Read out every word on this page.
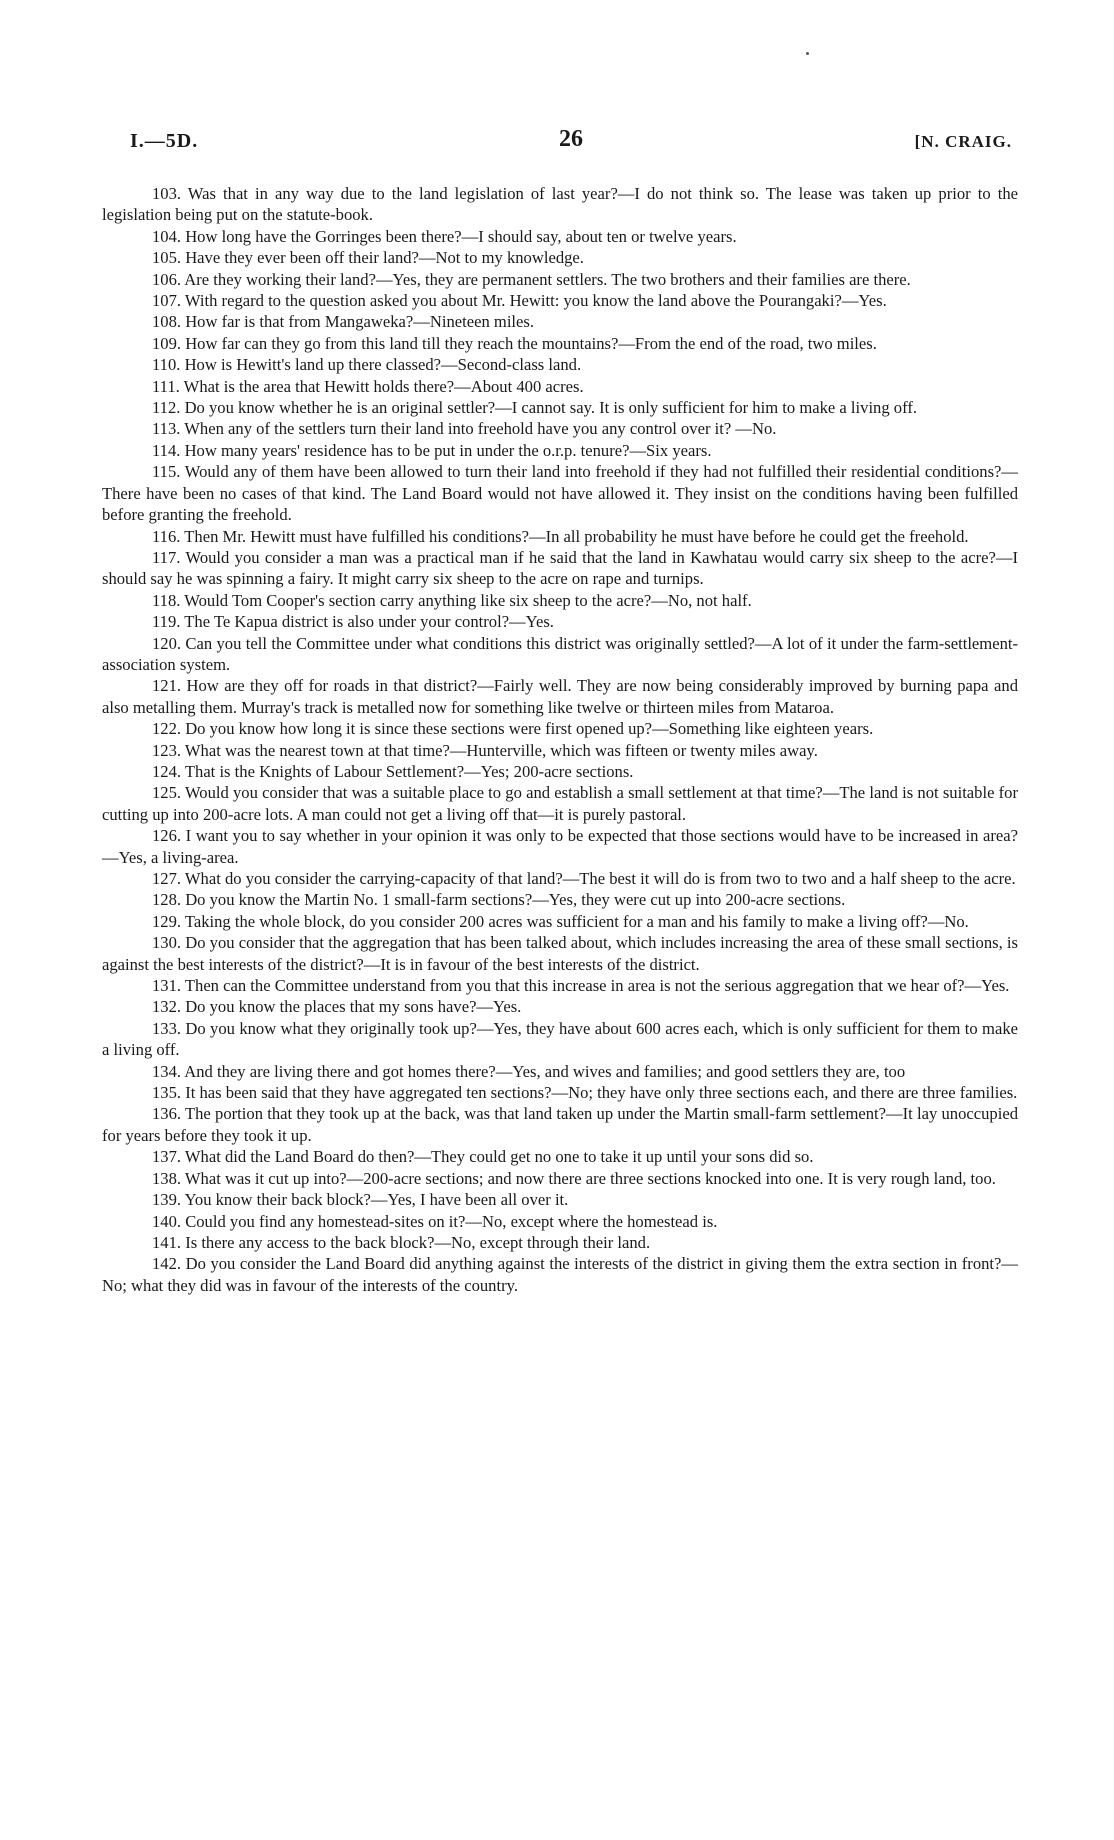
I.—5D.	26	[N. CRAIG.

103. Was that in any way due to the land legislation of last year?—I do not think so. The lease was taken up prior to the legislation being put on the statute-book.

104. How long have the Gorringes been there?—I should say, about ten or twelve years.

105. Have they ever been off their land?—Not to my knowledge.

106. Are they working their land?—Yes, they are permanent settlers. The two brothers and their families are there.

107. With regard to the question asked you about Mr. Hewitt: you know the land above the Pourangaki?—Yes.

108. How far is that from Mangaweka?—Nineteen miles.

109. How far can they go from this land till they reach the mountains?—From the end of the road, two miles.

110. How is Hewitt's land up there classed?—Second-class land.

111. What is the area that Hewitt holds there?—About 400 acres.

112. Do you know whether he is an original settler?—I cannot say. It is only sufficient for him to make a living off.

113. When any of the settlers turn their land into freehold have you any control over it? —No.

114. How many years' residence has to be put in under the o.r.p. tenure?—Six years.

115. Would any of them have been allowed to turn their land into freehold if they had not fulfilled their residential conditions?—There have been no cases of that kind. The Land Board would not have allowed it. They insist on the conditions having been fulfilled before granting the freehold.

116. Then Mr. Hewitt must have fulfilled his conditions?—In all probability he must have before he could get the freehold.

117. Would you consider a man was a practical man if he said that the land in Kawhatau would carry six sheep to the acre?—I should say he was spinning a fairy. It might carry six sheep to the acre on rape and turnips.

118. Would Tom Cooper's section carry anything like six sheep to the acre?—No, not half.

119. The Te Kapua district is also under your control?—Yes.

120. Can you tell the Committee under what conditions this district was originally settled?—A lot of it under the farm-settlement-association system.

121. How are they off for roads in that district?—Fairly well. They are now being considerably improved by burning papa and also metalling them. Murray's track is metalled now for something like twelve or thirteen miles from Mataroa.

122. Do you know how long it is since these sections were first opened up?—Something like eighteen years.

123. What was the nearest town at that time?—Hunterville, which was fifteen or twenty miles away.

124. That is the Knights of Labour Settlement?—Yes; 200-acre sections.

125. Would you consider that was a suitable place to go and establish a small settlement at that time?—The land is not suitable for cutting up into 200-acre lots. A man could not get a living off that—it is purely pastoral.

126. I want you to say whether in your opinion it was only to be expected that those sections would have to be increased in area?—Yes, a living-area.

127. What do you consider the carrying-capacity of that land?—The best it will do is from two to two and a half sheep to the acre.

128. Do you know the Martin No. 1 small-farm sections?—Yes, they were cut up into 200-acre sections.

129. Taking the whole block, do you consider 200 acres was sufficient for a man and his family to make a living off?—No.

130. Do you consider that the aggregation that has been talked about, which includes increasing the area of these small sections, is against the best interests of the district?—It is in favour of the best interests of the district.

131. Then can the Committee understand from you that this increase in area is not the serious aggregation that we hear of?—Yes.

132. Do you know the places that my sons have?—Yes.

133. Do you know what they originally took up?—Yes, they have about 600 acres each, which is only sufficient for them to make a living off.

134. And they are living there and got homes there?—Yes, and wives and families; and good settlers they are, too

135. It has been said that they have aggregated ten sections?—No; they have only three sections each, and there are three families.

136. The portion that they took up at the back, was that land taken up under the Martin small-farm settlement?—It lay unoccupied for years before they took it up.

137. What did the Land Board do then?—They could get no one to take it up until your sons did so.

138. What was it cut up into?—200-acre sections; and now there are three sections knocked into one. It is very rough land, too.

139. You know their back block?—Yes, I have been all over it.

140. Could you find any homestead-sites on it?—No, except where the homestead is.

141. Is there any access to the back block?—No, except through their land.

142. Do you consider the Land Board did anything against the interests of the district in giving them the extra section in front?—No; what they did was in favour of the interests of the country.
